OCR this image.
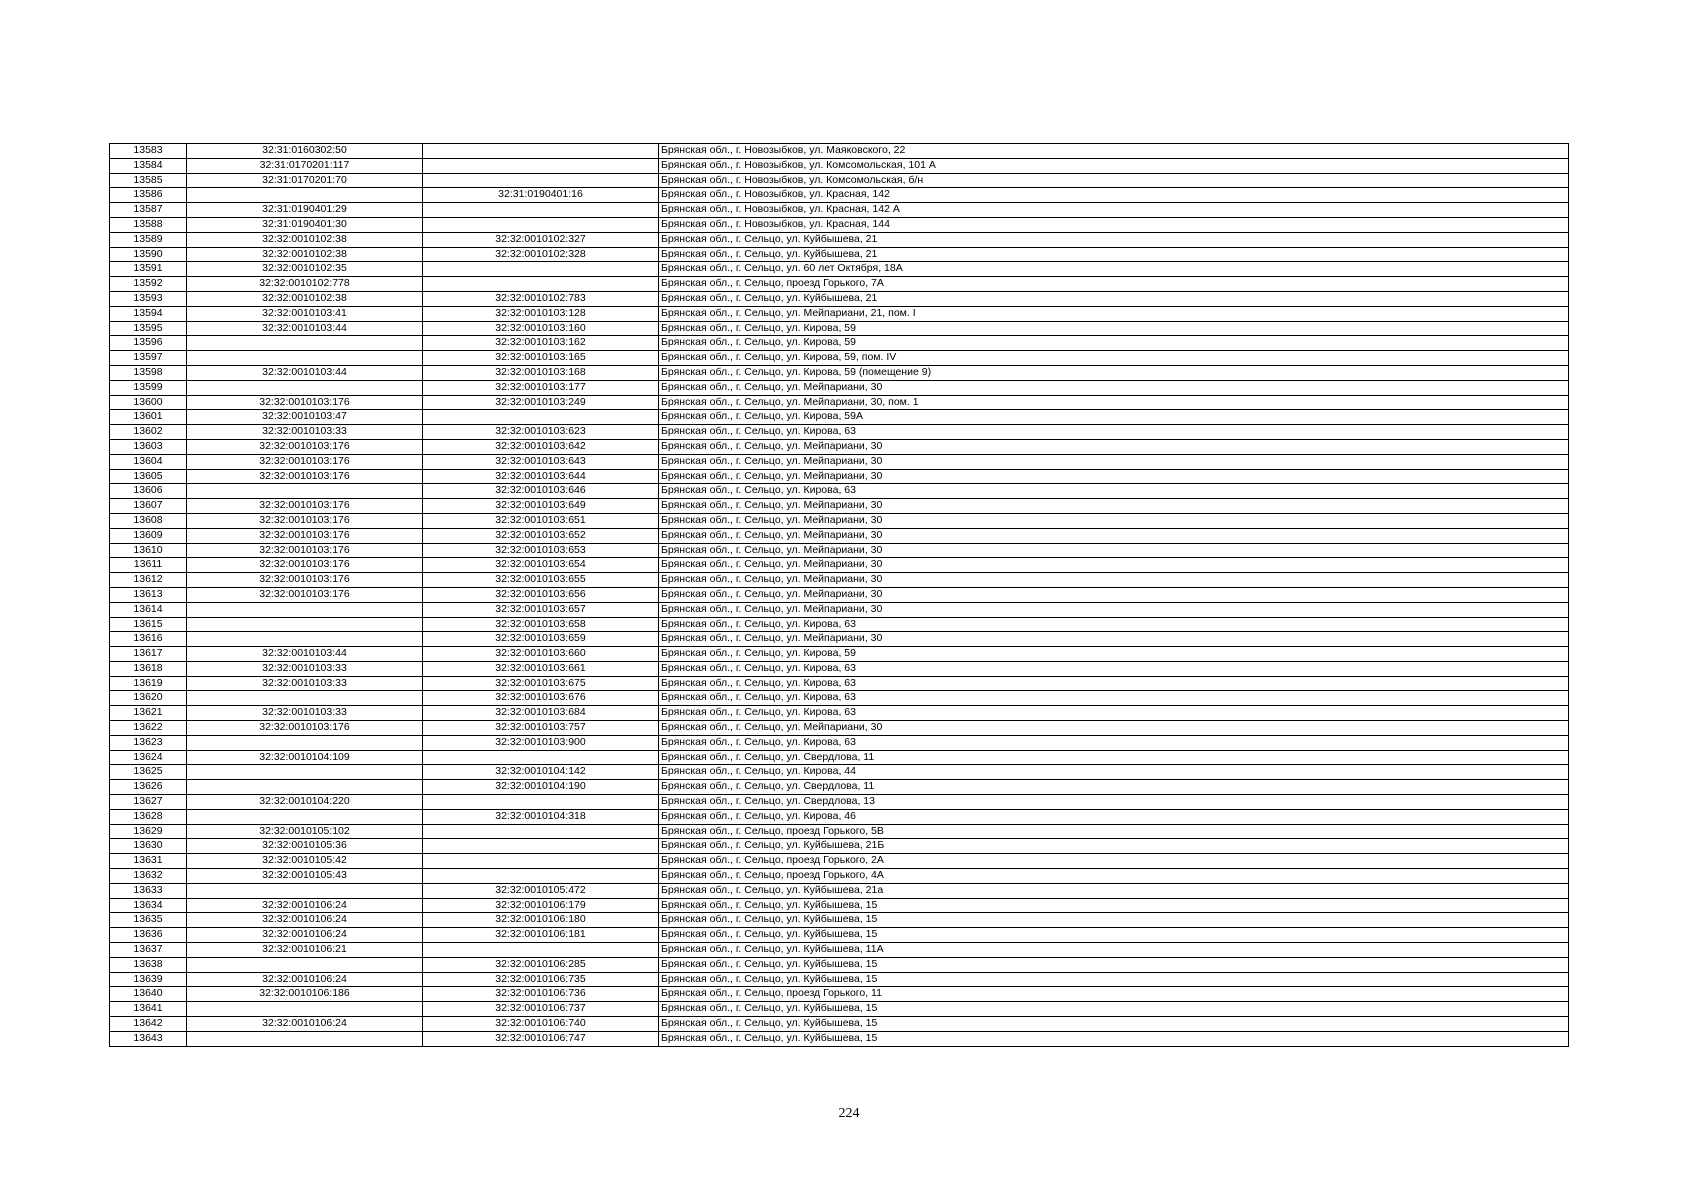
13583	32:31:0160302:50		Брянская обл., г. Новозыбков, ул. Маяковского, 22
13584	32:31:0170201:117		Брянская обл., г. Новозыбков, ул. Комсомольская, 101 А
13585	32:31:0170201:70		Брянская обл., г. Новозыбков, ул. Комсомольская, б/н
13586		32:31:0190401:16	Брянская обл., г. Новозыбков, ул. Красная, 142
13587	32:31:0190401:29		Брянская обл., г. Новозыбков, ул. Красная, 142 А
13588	32:31:0190401:30		Брянская обл., г. Новозыбков, ул. Красная, 144
13589	32:32:0010102:38	32:32:0010102:327	Брянская обл., г. Сельцо, ул. Куйбышева, 21
13590	32:32:0010102:38	32:32:0010102:328	Брянская обл., г. Сельцо, ул. Куйбышева, 21
13591	32:32:0010102:35		Брянская обл., г. Сельцо, ул. 60 лет Октября, 18А
13592	32:32:0010102:778		Брянская обл., г. Сельцо, проезд Горького, 7А
13593	32:32:0010102:38	32:32:0010102:783	Брянская обл., г. Сельцо, ул. Куйбышева, 21
13594	32:32:0010103:41	32:32:0010103:128	Брянская обл., г. Сельцо, ул. Мейпариани, 21, пом. I
13595	32:32:0010103:44	32:32:0010103:160	Брянская обл., г. Сельцо, ул. Кирова, 59
13596		32:32:0010103:162	Брянская обл., г. Сельцо, ул. Кирова, 59
13597		32:32:0010103:165	Брянская обл., г. Сельцо, ул. Кирова, 59, пом. IV
13598	32:32:0010103:44	32:32:0010103:168	Брянская обл., г. Сельцо, ул. Кирова, 59 (помещение 9)
13599		32:32:0010103:177	Брянская обл., г. Сельцо, ул. Мейпариани, 30
13600	32:32:0010103:176	32:32:0010103:249	Брянская обл., г. Сельцо, ул. Мейпариани, 30, пом. 1
13601	32:32:0010103:47		Брянская обл., г. Сельцо, ул. Кирова, 59А
13602	32:32:0010103:33	32:32:0010103:623	Брянская обл., г. Сельцо, ул. Кирова, 63
13603	32:32:0010103:176	32:32:0010103:642	Брянская обл., г. Сельцо, ул. Мейпариани, 30
13604	32:32:0010103:176	32:32:0010103:643	Брянская обл., г. Сельцо, ул. Мейпариани, 30
13605	32:32:0010103:176	32:32:0010103:644	Брянская обл., г. Сельцо, ул. Мейпариани, 30
13606		32:32:0010103:646	Брянская обл., г. Сельцо, ул. Кирова, 63
13607	32:32:0010103:176	32:32:0010103:649	Брянская обл., г. Сельцо, ул. Мейпариани, 30
13608	32:32:0010103:176	32:32:0010103:651	Брянская обл., г. Сельцо, ул. Мейпариани, 30
13609	32:32:0010103:176	32:32:0010103:652	Брянская обл., г. Сельцо, ул. Мейпариани, 30
13610	32:32:0010103:176	32:32:0010103:653	Брянская обл., г. Сельцо, ул. Мейпариани, 30
13611	32:32:0010103:176	32:32:0010103:654	Брянская обл., г. Сельцо, ул. Мейпариани, 30
13612	32:32:0010103:176	32:32:0010103:655	Брянская обл., г. Сельцо, ул. Мейпариани, 30
13613	32:32:0010103:176	32:32:0010103:656	Брянская обл., г. Сельцо, ул. Мейпариани, 30
13614		32:32:0010103:657	Брянская обл., г. Сельцо, ул. Мейпариани, 30
13615		32:32:0010103:658	Брянская обл., г. Сельцо, ул. Кирова, 63
13616		32:32:0010103:659	Брянская обл., г. Сельцо, ул. Мейпариани, 30
13617	32:32:0010103:44	32:32:0010103:660	Брянская обл., г. Сельцо, ул. Кирова, 59
13618	32:32:0010103:33	32:32:0010103:661	Брянская обл., г. Сельцо, ул. Кирова, 63
13619	32:32:0010103:33	32:32:0010103:675	Брянская обл., г. Сельцо, ул. Кирова, 63
13620		32:32:0010103:676	Брянская обл., г. Сельцо, ул. Кирова, 63
13621	32:32:0010103:33	32:32:0010103:684	Брянская обл., г. Сельцо, ул. Кирова, 63
13622	32:32:0010103:176	32:32:0010103:757	Брянская обл., г. Сельцо, ул. Мейпариани, 30
13623		32:32:0010103:900	Брянская обл., г. Сельцо, ул. Кирова, 63
13624	32:32:0010104:109		Брянская обл., г. Сельцо, ул. Свердлова, 11
13625		32:32:0010104:142	Брянская обл., г. Сельцо, ул. Кирова, 44
13626		32:32:0010104:190	Брянская обл., г. Сельцо, ул. Свердлова, 11
13627	32:32:0010104:220		Брянская обл., г. Сельцо, ул. Свердлова, 13
13628		32:32:0010104:318	Брянская обл., г. Сельцо, ул. Кирова, 46
13629	32:32:0010105:102		Брянская обл., г. Сельцо, проезд Горького, 5В
13630	32:32:0010105:36		Брянская обл., г. Сельцо, ул. Куйбышева, 21Б
13631	32:32:0010105:42		Брянская обл., г. Сельцо, проезд Горького, 2А
13632	32:32:0010105:43		Брянская обл., г. Сельцо, проезд Горького, 4А
13633		32:32:0010105:472	Брянская обл., г. Сельцо, ул. Куйбышева, 21а
13634	32:32:0010106:24	32:32:0010106:179	Брянская обл., г. Сельцо, ул. Куйбышева, 15
13635	32:32:0010106:24	32:32:0010106:180	Брянская обл., г. Сельцо, ул. Куйбышева, 15
13636	32:32:0010106:24	32:32:0010106:181	Брянская обл., г. Сельцо, ул. Куйбышева, 15
13637	32:32:0010106:21		Брянская обл., г. Сельцо, ул. Куйбышева, 11А
13638		32:32:0010106:285	Брянская обл., г. Сельцо, ул. Куйбышева, 15
13639	32:32:0010106:24	32:32:0010106:735	Брянская обл., г. Сельцо, ул. Куйбышева, 15
13640	32:32:0010106:186	32:32:0010106:736	Брянская обл., г. Сельцо, проезд Горького, 11
13641		32:32:0010106:737	Брянская обл., г. Сельцо, ул. Куйбышева, 15
13642	32:32:0010106:24	32:32:0010106:740	Брянская обл., г. Сельцо, ул. Куйбышева, 15
13643		32:32:0010106:747	Брянская обл., г. Сельцо, ул. Куйбышева, 15
224
